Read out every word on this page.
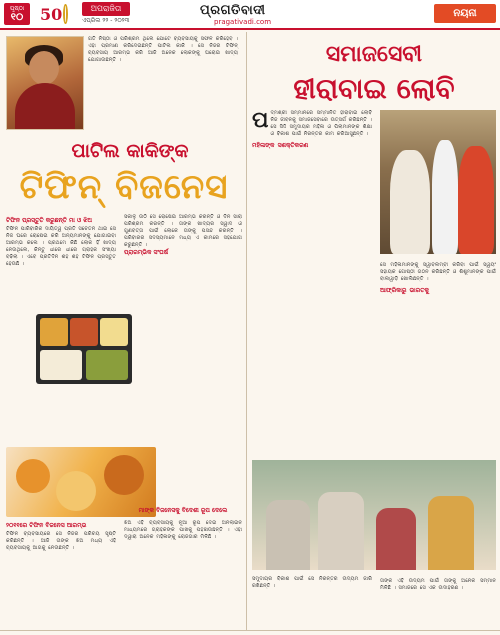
ପୃଷ୍ଠା
୧୦ 50	ଅପରାଜିତା
ଏପ୍ରିଲ ୨୨ - ୨୦୨୩
ପ୍ରଗତିବାଦୀ
pragativadi.com
ନୟନା
ଗତି ନିଷ୍ଠା ଓ ପରିଶ୍ରମ ଥିଲେ ଯୋଟେ ବ୍ୟବସାୟକୁ ସଫଳ କରିହେବ । ଏହା ପ୍ରମାଣ କରିଦେଇଛନ୍ତି ପାଟିଲ କାକି । ସେ ନିଜର ଟିଫିନ୍ ବ୍ୟବସାୟ ଆରମ୍ଭ କରି ଆଜି ଅନେକ ଲୋକଙ୍କୁ ଘରୋଇ ଖାଦ୍ୟ ଯୋଗାଉଛନ୍ତି ।
ପାଟିଲ କାକିଙ୍କ
ଟିଫିନ୍ ବିଜନେସ
ଟିଫିନ ପ୍ରସ୍ତୁତି କରୁଛନ୍ତି ମା ଓ ଝିଅ
ଟିଫିନ ପାରିବାରିକ ଦାୟିତ୍ୱ ପ୍ରତି ସଚେତନ ଥାଇ ସେ ନିଜ ଘରେ ରୋଷେଇ କରି ଅନ୍ୟମାନଙ୍କୁ ଯୋଗାଇବା ଆରମ୍ଭ କଲେ । ପ୍ରଥମେ କିଛି ଲୋକ ହିଁ ଖାଦ୍ୟ ନେଉଥିଲେ, କିନ୍ତୁ ଧୀରେ ଧୀରେ ଗ୍ରାହକ ସଂଖ୍ୟା ବଢିଲା । ଏବେ ପ୍ରତିଦିନ ଶହ ଶହ ଟିଫିନ ପ୍ରସ୍ତୁତ ହେଉଛି ।
ସକାଳୁ ଉଠି ସେ ରୋଷେଇ ଆରମ୍ଭ କରନ୍ତି ଓ ଦିନ ସାରା ପରିଶ୍ରମ କରନ୍ତି । ତାଙ୍କ ଖାଦ୍ୟର ସ୍ୱାଦ ଓ ଗୁଣବତ୍ତା ପାଇଁ ଲୋକେ ତାଙ୍କୁ ପସନ୍ଦ କରନ୍ତି । ପରିବାରର ସଦସ୍ୟମାନେ ମଧ୍ୟ ଏ କାମରେ ସହଯୋଗ କରୁଛନ୍ତି ।
ପ୍ରାରମ୍ଭିକ ସଂଘର୍ଷ
୨୦୧୧ରେ ଟିଫିନ ବିଜନେସ ଆରମ୍ଭ
ମାଙ୍କ ବିଜନେସକୁ ବିଦେଶୀ ରୂପ ଦେଲେ
ଟିଫିନ ବ୍ୟବସାୟରେ ସେ ନିଜର ପରିଚୟ ସୃଷ୍ଟି କରିଛନ୍ତି । ଆଜି ତାଙ୍କ ଝିଅ ମଧ୍ୟ ଏହି ବ୍ୟବସାୟକୁ ଆଗକୁ ନେଉଛନ୍ତି ।
ଝିଅ ଏହି ବ୍ୟବସାୟକୁ ନୂଆ ରୂପ ଦେଇ ଅନଲାଇନ ମାଧ୍ୟମରେ ଗ୍ରାହକଙ୍କ ପାଖକୁ ପହଞ୍ଚାଉଛନ୍ତି । ଏହା ଦ୍ୱାରା ଅନେକ ମହିଳାଙ୍କୁ ରୋଜଗାର ମିଳିଛି ।
ସମାଜସେବୀ
ହୀରାବାଇ ଲୋବି
ପଦ୍ମଶ୍ରୀ ସମ୍ମାନରେ ସମ୍ମାନିତ ହୀରାବାଇ ଲୋବି ନିଜ ଜୀବନକୁ ସମାଜସେବାରେ ଉତ୍ସର୍ଗ କରିଛନ୍ତି । ସେ ସିଦ୍ଦି ସମୁଦାୟର ମହିଳା ଓ ପିଲାମାନଙ୍କ ଶିକ୍ଷା ଓ ବିକାଶ ପାଇଁ ନିରନ୍ତର କାମ କରିଆସୁଛନ୍ତି ।
ମହିଳାଙ୍କ ସଶକ୍ତିକରଣ
ସେ ମହିଳାମାନଙ୍କୁ ସ୍ୱାବଲମ୍ବୀ କରିବା ପାଇଁ ସ୍ୱୟଂ ସହାୟକ ଗୋଷ୍ଠୀ ଗଠନ କରିଛନ୍ତି ଓ ଶିଶୁମାନଙ୍କ ପାଇଁ ବାଲୱାଡ଼ି ଖୋଲିଛନ୍ତି ।
ଆଫ୍ରିକାରୁ ଭାରତକୁ
ସମୁଦାୟର ବିକାଶ ପାଇଁ ସେ ନିରନ୍ତର ଉଦ୍ୟମ ଜାରି ରଖିଛନ୍ତି ।
ତାଙ୍କ ଏହି ଉଦ୍ୟମ ପାଇଁ ତାଙ୍କୁ ଅନେକ ସମ୍ମାନ ମିଳିଛି । ସମାଜରେ ସେ ଏକ ଉଦାହରଣ ।
